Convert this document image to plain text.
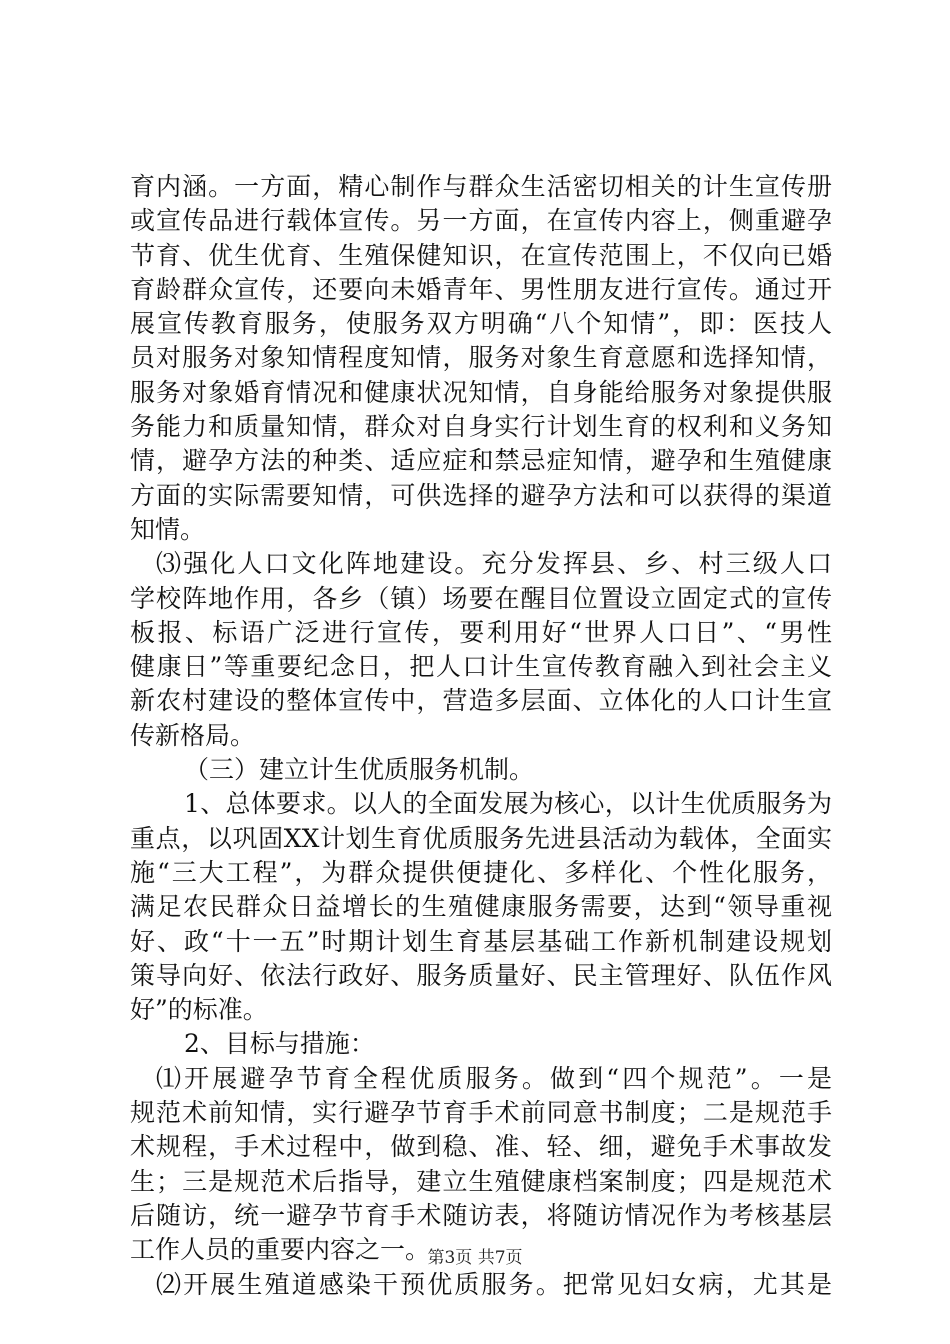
育内涵。一方面，精心制作与群众生活密切相关的计生宣传册
或宣传品进行载体宣传。另一方面，在宣传内容上，侧重避孕
节育、优生优育、生殖保健知识，在宣传范围上，不仅向已婚
育龄群众宣传，还要向未婚青年、男性朋友进行宣传。通过开
展宣传教育服务，使服务双方明确“八个知情”，即：医技人
员对服务对象知情程度知情，服务对象生育意愿和选择知情，
服务对象婚育情况和健康状况知情，自身能给服务对象提供服
务能力和质量知情，群众对自身实行计划生育的权利和义务知
情，避孕方法的种类、适应症和禁忌症知情，避孕和生殖健康
方面的实际需要知情，可供选择的避孕方法和可以获得的渠道
知情。
⑶强化人口文化阵地建设。充分发挥县、乡、村三级人口
学校阵地作用，各乡（镇）场要在醒目位置设立固定式的宣传
板报、标语广泛进行宣传，要利用好“世界人口日”、“男性
健康日”等重要纪念日，把人口计生宣传教育融入到社会主义
新农村建设的整体宣传中，营造多层面、立体化的人口计生宣
传新格局。
（三）建立计生优质服务机制。
1、总体要求。以人的全面发展为核心，以计生优质服务为
重点，以巩固XX计划生育优质服务先进县活动为载体，全面实
施“三大工程”，为群众提供便捷化、多样化、个性化服务，
满足农民群众日益增长的生殖健康服务需要，达到“领导重视
好、政“十一五”时期计划生育基层基础工作新机制建设规划
策导向好、依法行政好、服务质量好、民主管理好、队伍作风
好”的标准。
2、目标与措施：
⑴开展避孕节育全程优质服务。做到“四个规范”。一是
规范术前知情，实行避孕节育手术前同意书制度；二是规范手
术规程，手术过程中，做到稳、准、轻、细，避免手术事故发
生；三是规范术后指导，建立生殖健康档案制度；四是规范术
后随访，统一避孕节育手术随访表，将随访情况作为考核基层
工作人员的重要内容之一。
⑵开展生殖道感染干预优质服务。把常见妇女病，尤其是
第3页 共7页
